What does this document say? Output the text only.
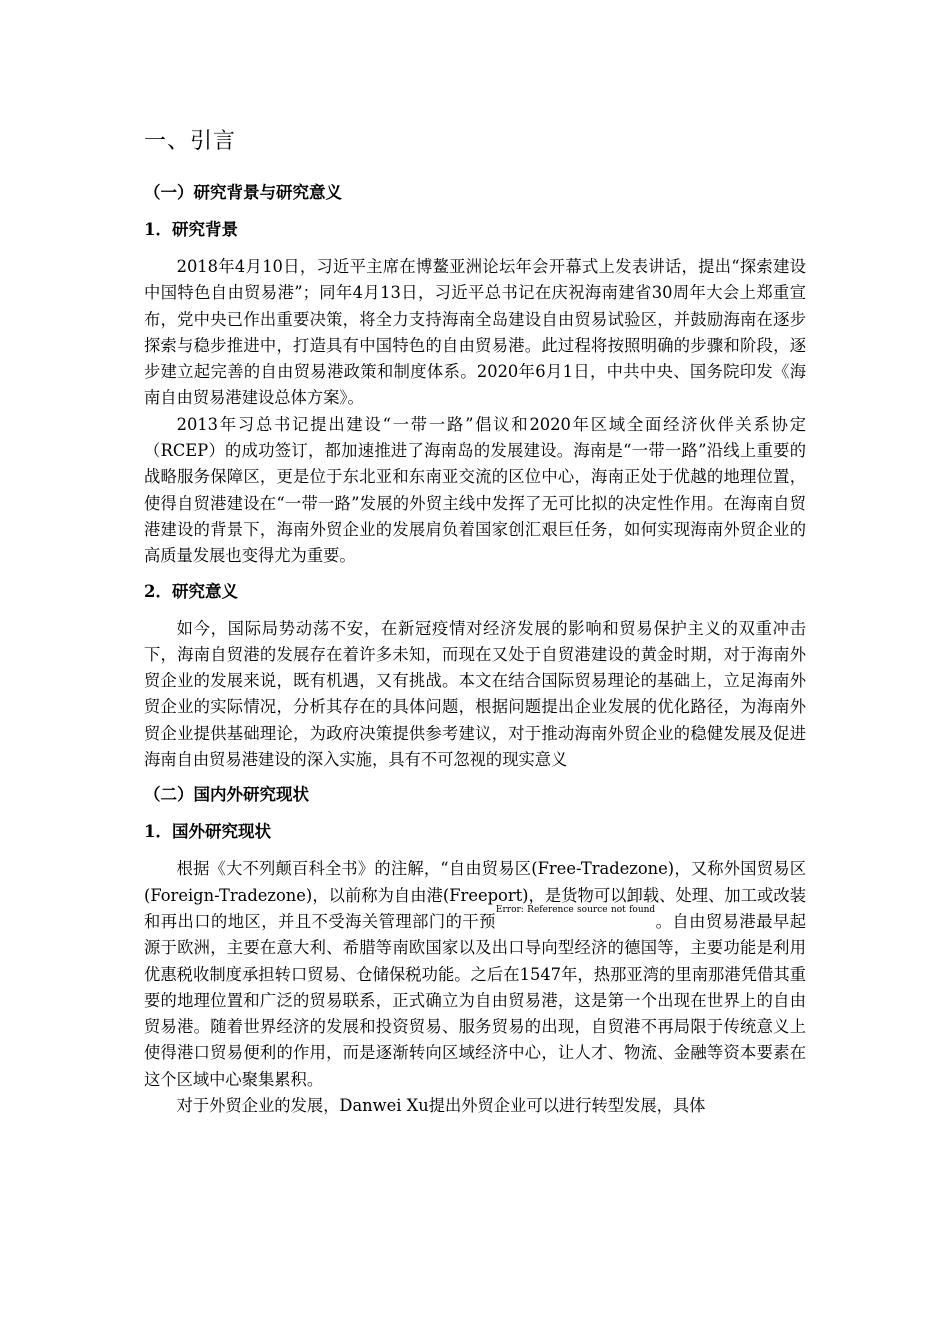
一、引言
（一）研究背景与研究意义
1．研究背景

2018年4月10日，习近平主席在博鳌亚洲论坛年会开幕式上发表讲话，提出“探索建设中国特色自由贸易港”；同年4月13日，习近平总书记在庆祝海南建省30周年大会上郑重宣布，党中央已作出重要决策，将全力支持海南全岛建设自由贸易试验区，并鼓励海南在逐步探索与稳步推进中，打造具有中国特色的自由贸易港。此过程将按照明确的步骤和阶段，逐步建立起完善的自由贸易港政策和制度体系。2020年6月1日，中共中央、国务院印发《海南自由贸易港建设总体方案》。

2013年习总书记提出建设“一带一路”倡议和2020年区域全面经济伙伴关系协定（RCEP）的成功签订，都加速推进了海南岛的发展建设。海南是“一带一路”沿线上重要的战略服务保障区，更是位于东北亚和东南亚交流的区位中心，海南正处于优越的地理位置，使得自贸港建设在“一带一路”发展的外贸主线中发挥了无可比拟的决定性作用。在海南自贸港建设的背景下，海南外贸企业的发展肩负着国家创汇艰巨任务，如何实现海南外贸企业的高质量发展也变得尤为重要。

2．研究意义

如今，国际局势动荡不安，在新冠疫情对经济发展的影响和贸易保护主义的双重冲击下，海南自贸港的发展存在着许多未知，而现在又处于自贸港建设的黄金时期，对于海南外贸企业的发展来说，既有机遇，又有挑战。本文在结合国际贸易理论的基础上，立足海南外贸企业的实际情况，分析其存在的具体问题，根据问题提出企业发展的优化路径，为海南外贸企业提供基础理论，为政府决策提供参考建议，对于推动海南外贸企业的稳健发展及促进海南自由贸易港建设的深入实施，具有不可忽视的现实意义

（二）国内外研究现状
1．国外研究现状

根据《大不列颠百科全书》的注解，“自由贸易区(Free-Tradezone)，又称外国贸易区(Foreign-Tradezone)，以前称为自由港(Freeport)，是货物可以卸载、处理、加工或改装和再出口的地区，并且不受海关管理部门的干预$^{Error: Reference source not found}$。自由贸易港最早起源于欧洲，主要在意大利、希腊等南欧国家以及出口导向型经济的德国等，主要功能是利用优惠税收制度承担转口贸易、仓储保税功能。之后在1547年，热那亚湾的里南那港凭借其重要的地理位置和广泛的贸易联系，正式确立为自由贸易港，这是第一个出现在世界上的自由贸易港。随着世界经济的发展和投资贸易、服务贸易的出现，自贸港不再局限于传统意义上使得港口贸易便利的作用，而是逐渐转向区域经济中心，让人才、物流、金融等资本要素在这个区域中心聚集累积。

对于外贸企业的发展，Danwei Xu提出外贸企业可以进行转型发展，具体
